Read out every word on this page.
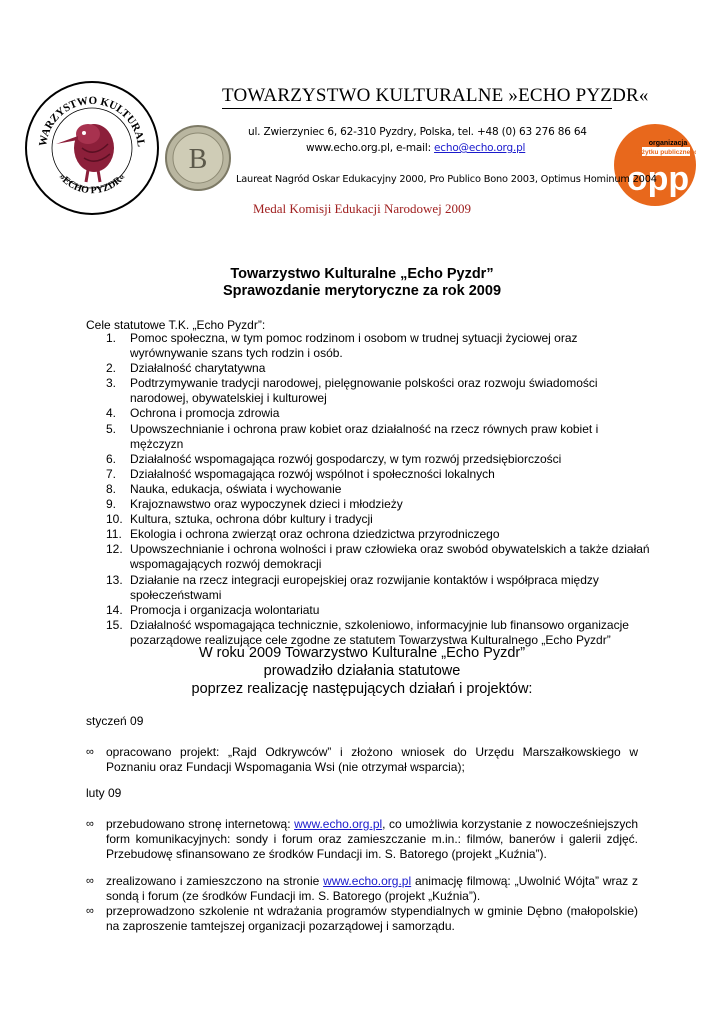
WARZYSTWO KULTURAL
»ECHO PYZDR«
B
organizacja
pożytku publicznego
opp
TOWARZYSTWO KULTURALNE »ECHO PYZDR«
ul. Zwierzyniec 6, 62-310 Pyzdry, Polska, tel. +48 (0) 63 276 86 64
www.echo.org.pl, e-mail: echo@echo.org.pl
Laureat Nagród Oskar Edukacyjny 2000, Pro Publico Bono 2003, Optimus Hominum 2004
Medal Komisji Edukacji Narodowej 2009
Towarzystwo Kulturalne „Echo Pyzdr”
Sprawozdanie merytoryczne za rok 2009
Cele statutowe T.K. „Echo Pyzdr”:
1.	Pomoc społeczna, w tym pomoc rodzinom i osobom w trudnej sytuacji życiowej oraz wyrównywanie szans tych rodzin i osób.
2.	Działalność charytatywna
3.	Podtrzymywanie tradycji narodowej, pielęgnowanie polskości oraz rozwoju świadomości narodowej, obywatelskiej i kulturowej
4.	Ochrona i promocja zdrowia
5.	Upowszechnianie i ochrona praw kobiet oraz działalność na rzecz równych praw kobiet i mężczyzn
6.	Działalność wspomagająca rozwój gospodarczy, w tym rozwój przedsiębiorczości
7.	Działalność wspomagająca rozwój wspólnot i społeczności lokalnych
8.	Nauka, edukacja, oświata i wychowanie
9.	Krajoznawstwo oraz wypoczynek dzieci i młodzieży
10. Kultura, sztuka, ochrona dóbr kultury i tradycji
11. Ekologia i ochrona zwierząt oraz ochrona dziedzictwa przyrodniczego
12. Upowszechnianie i ochrona wolności i praw człowieka oraz swobód obywatelskich a także działań wspomagających rozwój demokracji
13. Działanie na rzecz integracji europejskiej oraz rozwijanie kontaktów i współpraca między społeczeństwami
14. Promocja i organizacja wolontariatu
15. Działalność wspomagająca technicznie, szkoleniowo, informacyjnie lub finansowo organizacje pozarządowe realizujące cele zgodne ze statutem Towarzystwa Kulturalnego „Echo Pyzdr”
W roku 2009 Towarzystwo Kulturalne „Echo Pyzdr”
prowadziło działania statutowe
poprzez realizację następujących działań i projektów:
styczeń 09
∞	opracowano projekt: „Rajd Odkrywców” i złożono wniosek do Urzędu Marszałkowskiego w Poznaniu oraz Fundacji Wspomagania Wsi (nie otrzymał wsparcia);
luty 09
∞	przebudowano stronę internetową: www.echo.org.pl, co umożliwia korzystanie z nowocześniejszych form komunikacyjnych: sondy i forum oraz zamieszczanie m.in.: filmów, banerów i galerii zdjęć. Przebudowę sfinansowano ze środków Fundacji im. S. Batorego (projekt „Kuźnia”).
∞	zrealizowano i zamieszczono na stronie www.echo.org.pl animację filmową: „Uwolnić Wójta” wraz z sondą i forum (ze środków Fundacji im. S. Batorego (projekt „Kuźnia”).
∞	przeprowadzono szkolenie nt wdrażania programów stypendialnych w gminie Dębno (małopolskie) na zaproszenie tamtejszej organizacji pozarządowej i samorządu.
